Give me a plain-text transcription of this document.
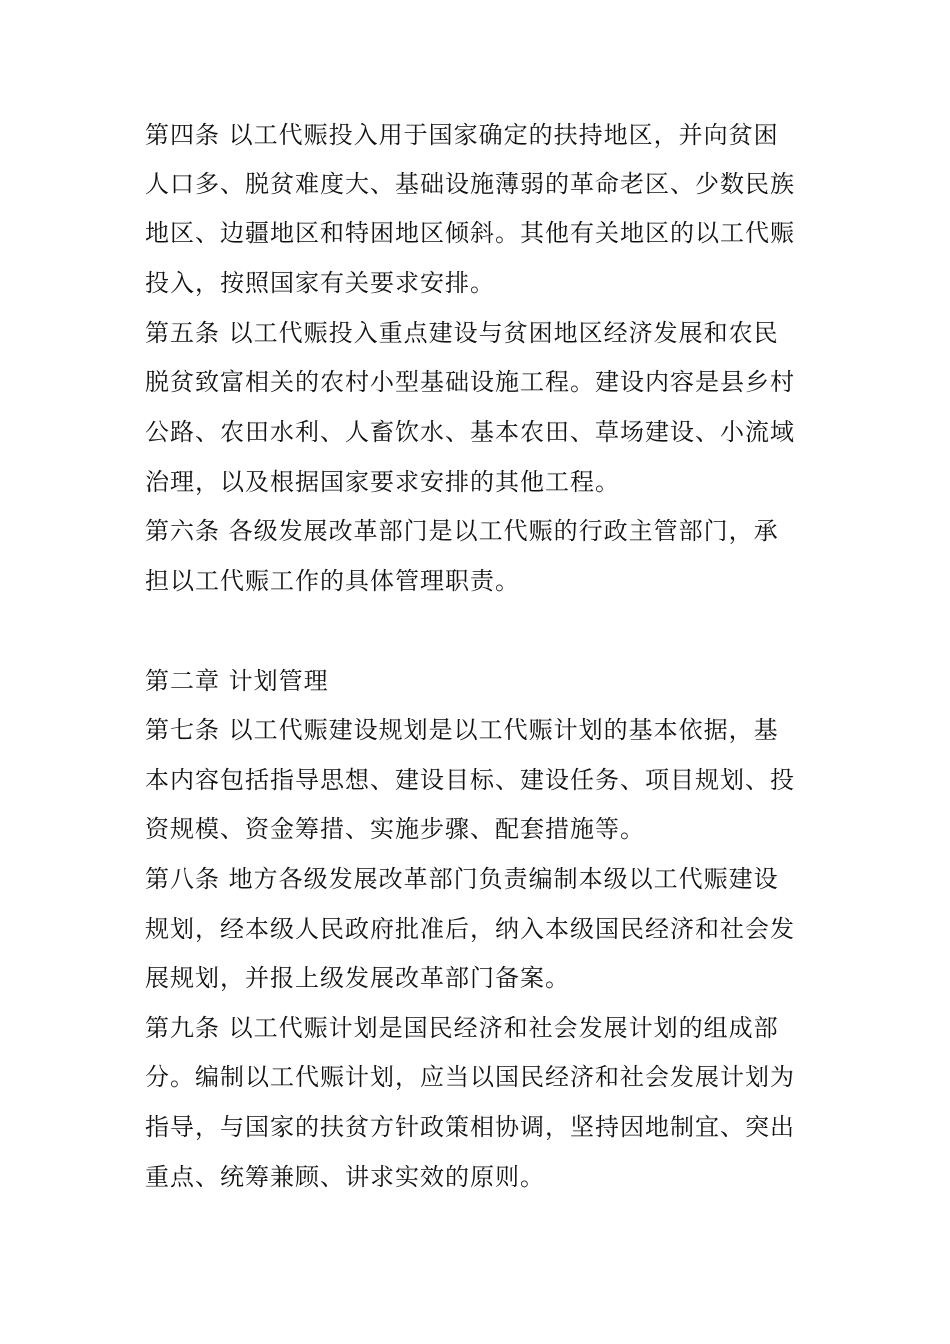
第四条 以工代赈投入用于国家确定的扶持地区，并向贫困
人口多、脱贫难度大、基础设施薄弱的革命老区、少数民族
地区、边疆地区和特困地区倾斜。其他有关地区的以工代赈
投入，按照国家有关要求安排。
第五条 以工代赈投入重点建设与贫困地区经济发展和农民
脱贫致富相关的农村小型基础设施工程。建设内容是县乡村
公路、农田水利、人畜饮水、基本农田、草场建设、小流域
治理，以及根据国家要求安排的其他工程。
第六条 各级发展改革部门是以工代赈的行政主管部门，承
担以工代赈工作的具体管理职责。
第二章 计划管理
第七条 以工代赈建设规划是以工代赈计划的基本依据，基
本内容包括指导思想、建设目标、建设任务、项目规划、投
资规模、资金筹措、实施步骤、配套措施等。
第八条 地方各级发展改革部门负责编制本级以工代赈建设
规划，经本级人民政府批准后，纳入本级国民经济和社会发
展规划，并报上级发展改革部门备案。
第九条 以工代赈计划是国民经济和社会发展计划的组成部
分。编制以工代赈计划，应当以国民经济和社会发展计划为
指导，与国家的扶贫方针政策相协调，坚持因地制宜、突出
重点、统筹兼顾、讲求实效的原则。
